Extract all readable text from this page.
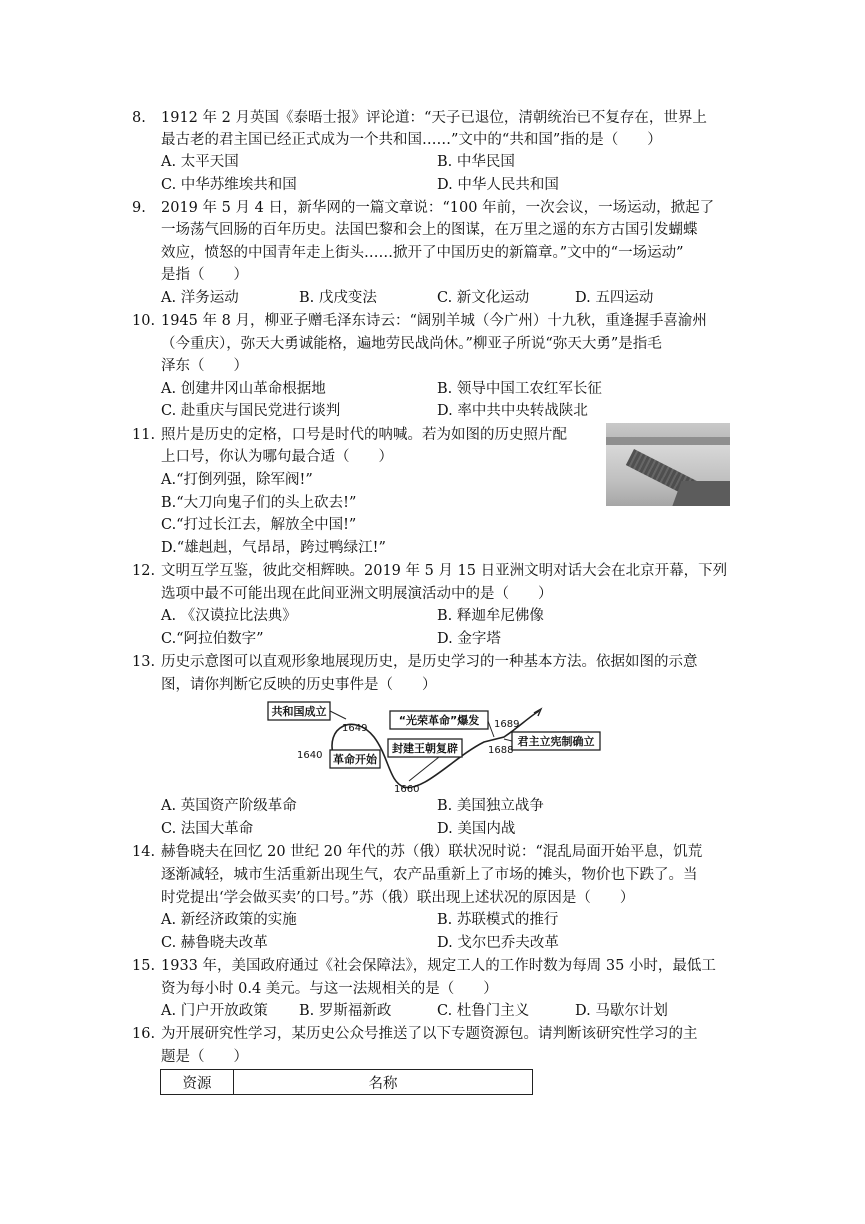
8. 1912 年 2 月英国《泰晤士报》评论道：“天子已退位，清朝统治已不复存在，世界上
最古老的君主国已经正式成为一个共和国……”文中的“共和国”指的是（　　）
A. 太平天国	B. 中华民国
C. 中华苏维埃共和国	D. 中华人民共和国
9. 2019 年 5 月 4 日，新华网的一篇文章说：“100 年前，一次会议，一场运动，掀起了
一场荡气回肠的百年历史。法国巴黎和会上的图谋，在万里之遥的东方古国引发蝴蝶
效应，愤怒的中国青年走上街头……掀开了中国历史的新篇章。”文中的“一场运动”
是指（　　）
A. 洋务运动	B. 戊戌变法	C. 新文化运动	D. 五四运动
10. 1945 年 8 月，柳亚子赠毛泽东诗云：“阔别羊城（今广州）十九秋，重逢握手喜渝州
（今重庆），弥天大勇诚能格，遍地劳民战尚休。”柳亚子所说“弥天大勇”是指毛
泽东（　　）
A. 创建井冈山革命根据地	B. 领导中国工农红军长征
C. 赴重庆与国民党进行谈判	D. 率中共中央转战陕北
11. 照片是历史的定格，口号是时代的呐喊。若为如图的历史照片配
上口号，你认为哪句最合适（　　）
A.“打倒列强，除军阀!”
B.“大刀向鬼子们的头上砍去!”
C.“打过长江去，解放全中国!”
D.“雄赳赳，气昂昂，跨过鸭绿江!”
12. 文明互学互鉴，彼此交相辉映。2019 年 5 月 15 日亚洲文明对话大会在北京开幕，下列
选项中最不可能出现在此间亚洲文明展演活动中的是（　　）
A. 《汉谟拉比法典》	B. 释迦牟尼佛像
C.“阿拉伯数字”	D. 金字塔
13. 历史示意图可以直观形象地展现历史，是历史学习的一种基本方法。依据如图的示意
图，请你判断它反映的历史事件是（　　）
共和国成立
革命开始
封建王朝复辟
“光荣革命”爆发
君主立宪制确立
1649
1640
1660
1688
1689
A. 英国资产阶级革命	B. 美国独立战争
C. 法国大革命	D. 美国内战
14. 赫鲁晓夫在回忆 20 世纪 20 年代的苏（俄）联状况时说：“混乱局面开始平息，饥荒
逐渐减轻，城市生活重新出现生气，农产品重新上了市场的摊头，物价也下跌了。当
时党提出‘学会做买卖’的口号。”苏（俄）联出现上述状况的原因是（　　）
A. 新经济政策的实施	B. 苏联模式的推行
C. 赫鲁晓夫改革	D. 戈尔巴乔夫改革
15. 1933 年，美国政府通过《社会保障法》，规定工人的工作时数为每周 35 小时，最低工
资为每小时 0.4 美元。与这一法规相关的是（　　）
A. 门户开放政策 B. 罗斯福新政	C. 杜鲁门主义	D. 马歇尔计划
16. 为开展研究性学习，某历史公众号推送了以下专题资源包。请判断该研究性学习的主
题是（　　）
资源	名称
